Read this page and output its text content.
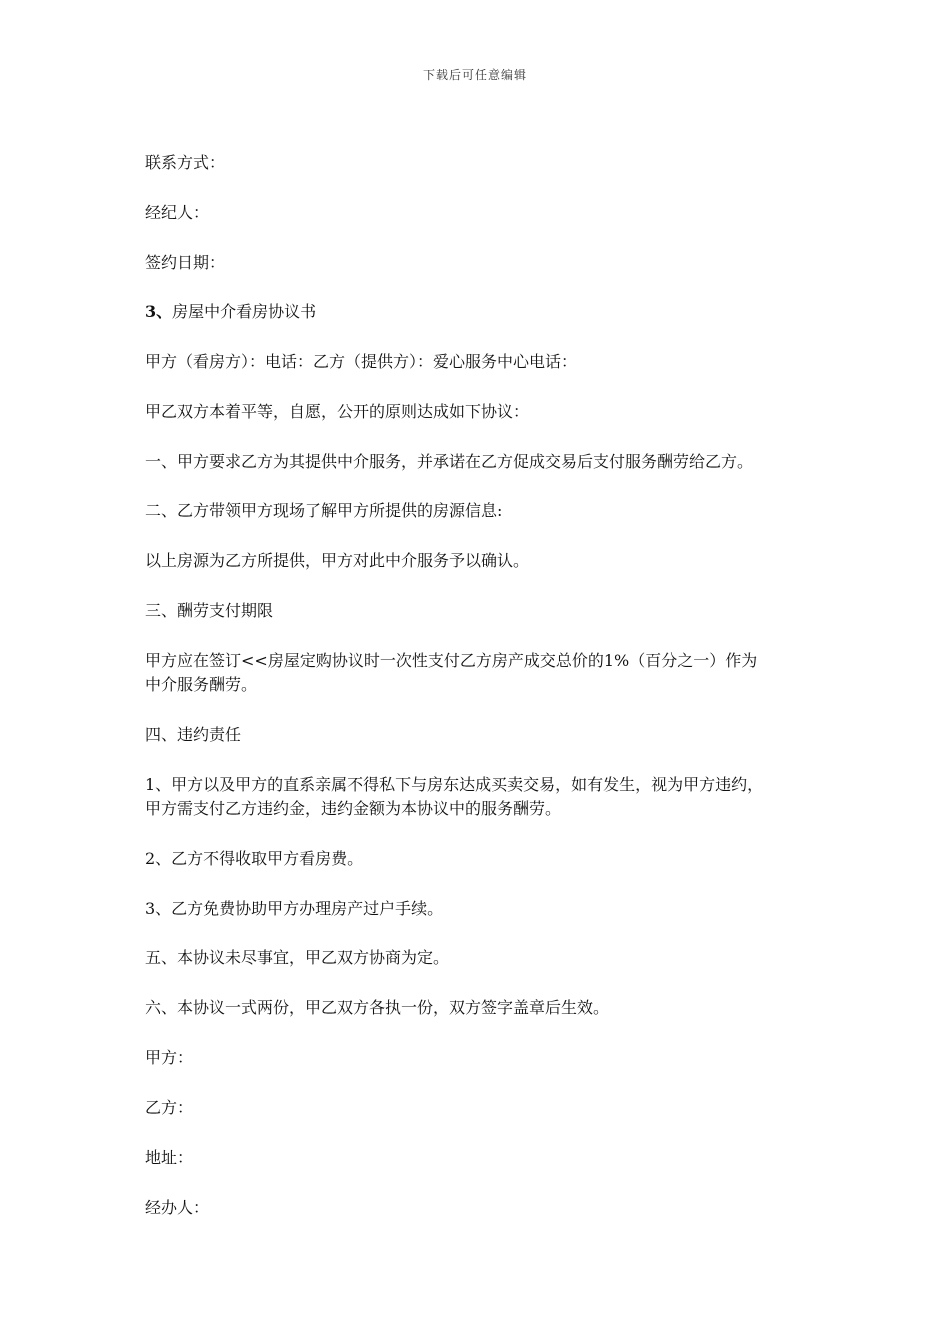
下载后可任意编辑
联系方式：
经纪人：
签约日期：
3、房屋中介看房协议书
甲方（看房方）：电话：乙方（提供方）：爱心服务中心电话：
甲乙双方本着平等，自愿，公开的原则达成如下协议：
一、甲方要求乙方为其提供中介服务，并承诺在乙方促成交易后支付服务酬劳给乙方。
二、乙方带领甲方现场了解甲方所提供的房源信息:
以上房源为乙方所提供，甲方对此中介服务予以确认。
三、酬劳支付期限
甲方应在签订<<房屋定购协议时一次性支付乙方房产成交总价的1%（百分之一）作为
中介服务酬劳。
四、违约责任
1、甲方以及甲方的直系亲属不得私下与房东达成买卖交易，如有发生，视为甲方违约，
甲方需支付乙方违约金，违约金额为本协议中的服务酬劳。
2、乙方不得收取甲方看房费。
3、乙方免费协助甲方办理房产过户手续。
五、本协议未尽事宜，甲乙双方协商为定。
六、本协议一式两份，甲乙双方各执一份，双方签字盖章后生效。
甲方：
乙方：
地址：
经办人：
